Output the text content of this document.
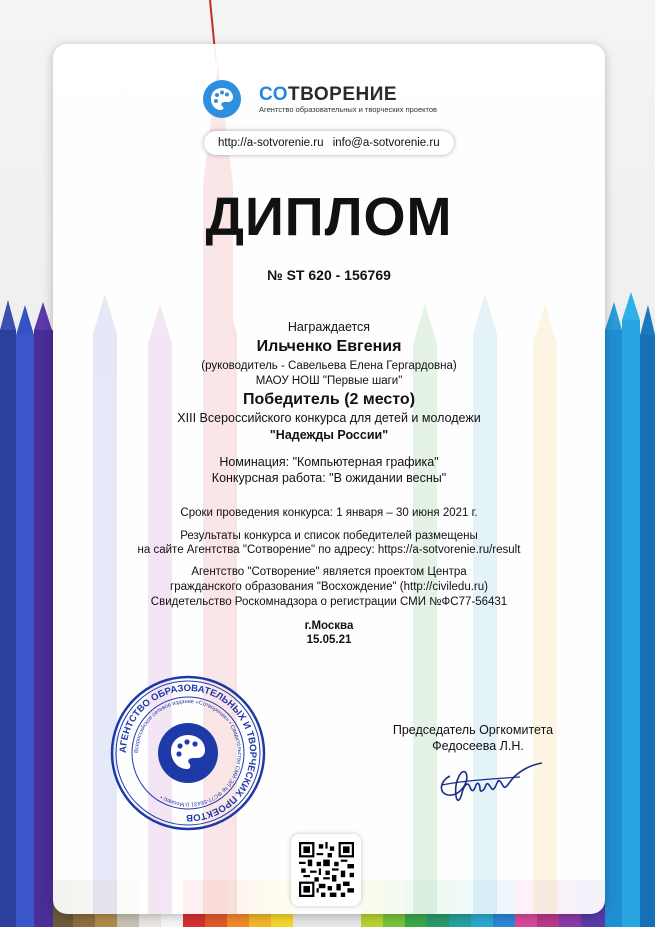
СОТВОРЕНИЕ
Агентство образовательных и творческих проектов
http://a-sotvorenie.ru info@a-sotvorenie.ru
ДИПЛОМ
№ ST 620 - 156769
Награждается
Ильченко Евгения
(руководитель - Савельева Елена Гергардовна)
МАОУ НОШ "Первые шаги"
Победитель (2 место)
XIII Всероссийского конкурса для детей и молодежи
"Надежды России"
Номинация: "Компьютерная графика"
Конкурсная работа: "В ожидании весны"
Сроки проведения конкурса: 1 января – 30 июня 2021 г.
Результаты конкурса и список победителей размещены
на сайте Агентства "Сотворение" по адресу: https://a-sotvorenie.ru/result
Агентство "Сотворение" является проектом Центра
гражданского образования "Восхождение" (http://civiledu.ru)
Свидетельство Роскомнадзора о регистрации СМИ №ФС77-56431
г.Москва
15.05.21
АГЕНТСТВО ОБРАЗОВАТЕЛЬНЫХ И ТВОРЧЕСКИХ ПРОЕКТОВ
Всероссийское сетевое издание «Сотворение» • Свидетельство СМИ ЭЛ № ФС77-56431 (г.Москва) •
Председатель Оргкомитета
Федосеева Л.Н.
